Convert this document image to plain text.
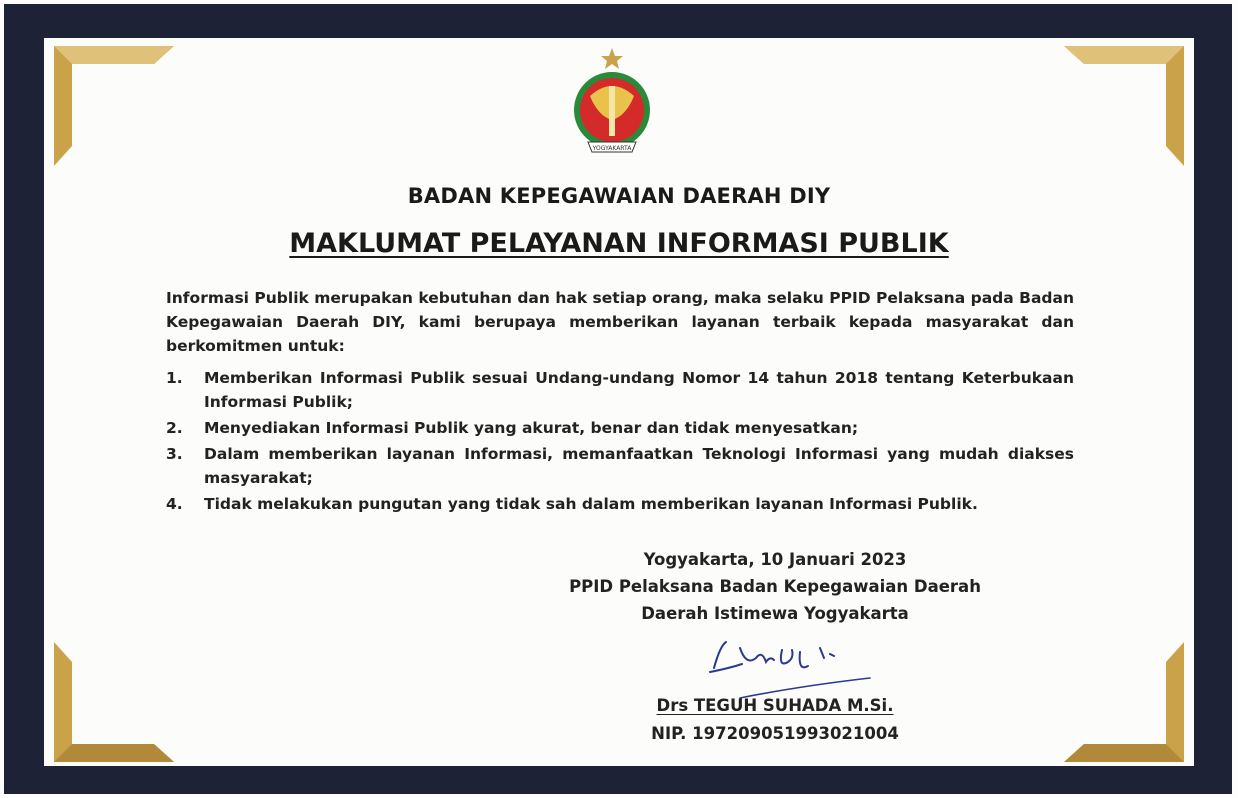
YOGYAKARTA
BADAN KEPEGAWAIAN DAERAH DIY
MAKLUMAT PELAYANAN INFORMASI PUBLIK
Informasi Publik merupakan kebutuhan dan hak setiap orang, maka selaku PPID Pelaksana pada Badan Kepegawaian Daerah DIY, kami berupaya memberikan layanan terbaik kepada masyarakat dan berkomitmen untuk:
1. Memberikan Informasi Publik sesuai Undang-undang Nomor 14 tahun 2018 tentang Keterbukaan Informasi Publik;
2. Menyediakan Informasi Publik yang akurat, benar dan tidak menyesatkan;
3. Dalam memberikan layanan Informasi, memanfaatkan Teknologi Informasi yang mudah diakses masyarakat;
4. Tidak melakukan pungutan yang tidak sah dalam memberikan layanan Informasi Publik.
Yogyakarta, 10 Januari 2023
PPID Pelaksana Badan Kepegawaian Daerah
Daerah Istimewa Yogyakarta
Drs TEGUH SUHADA M.Si.
NIP. 197209051993021004
